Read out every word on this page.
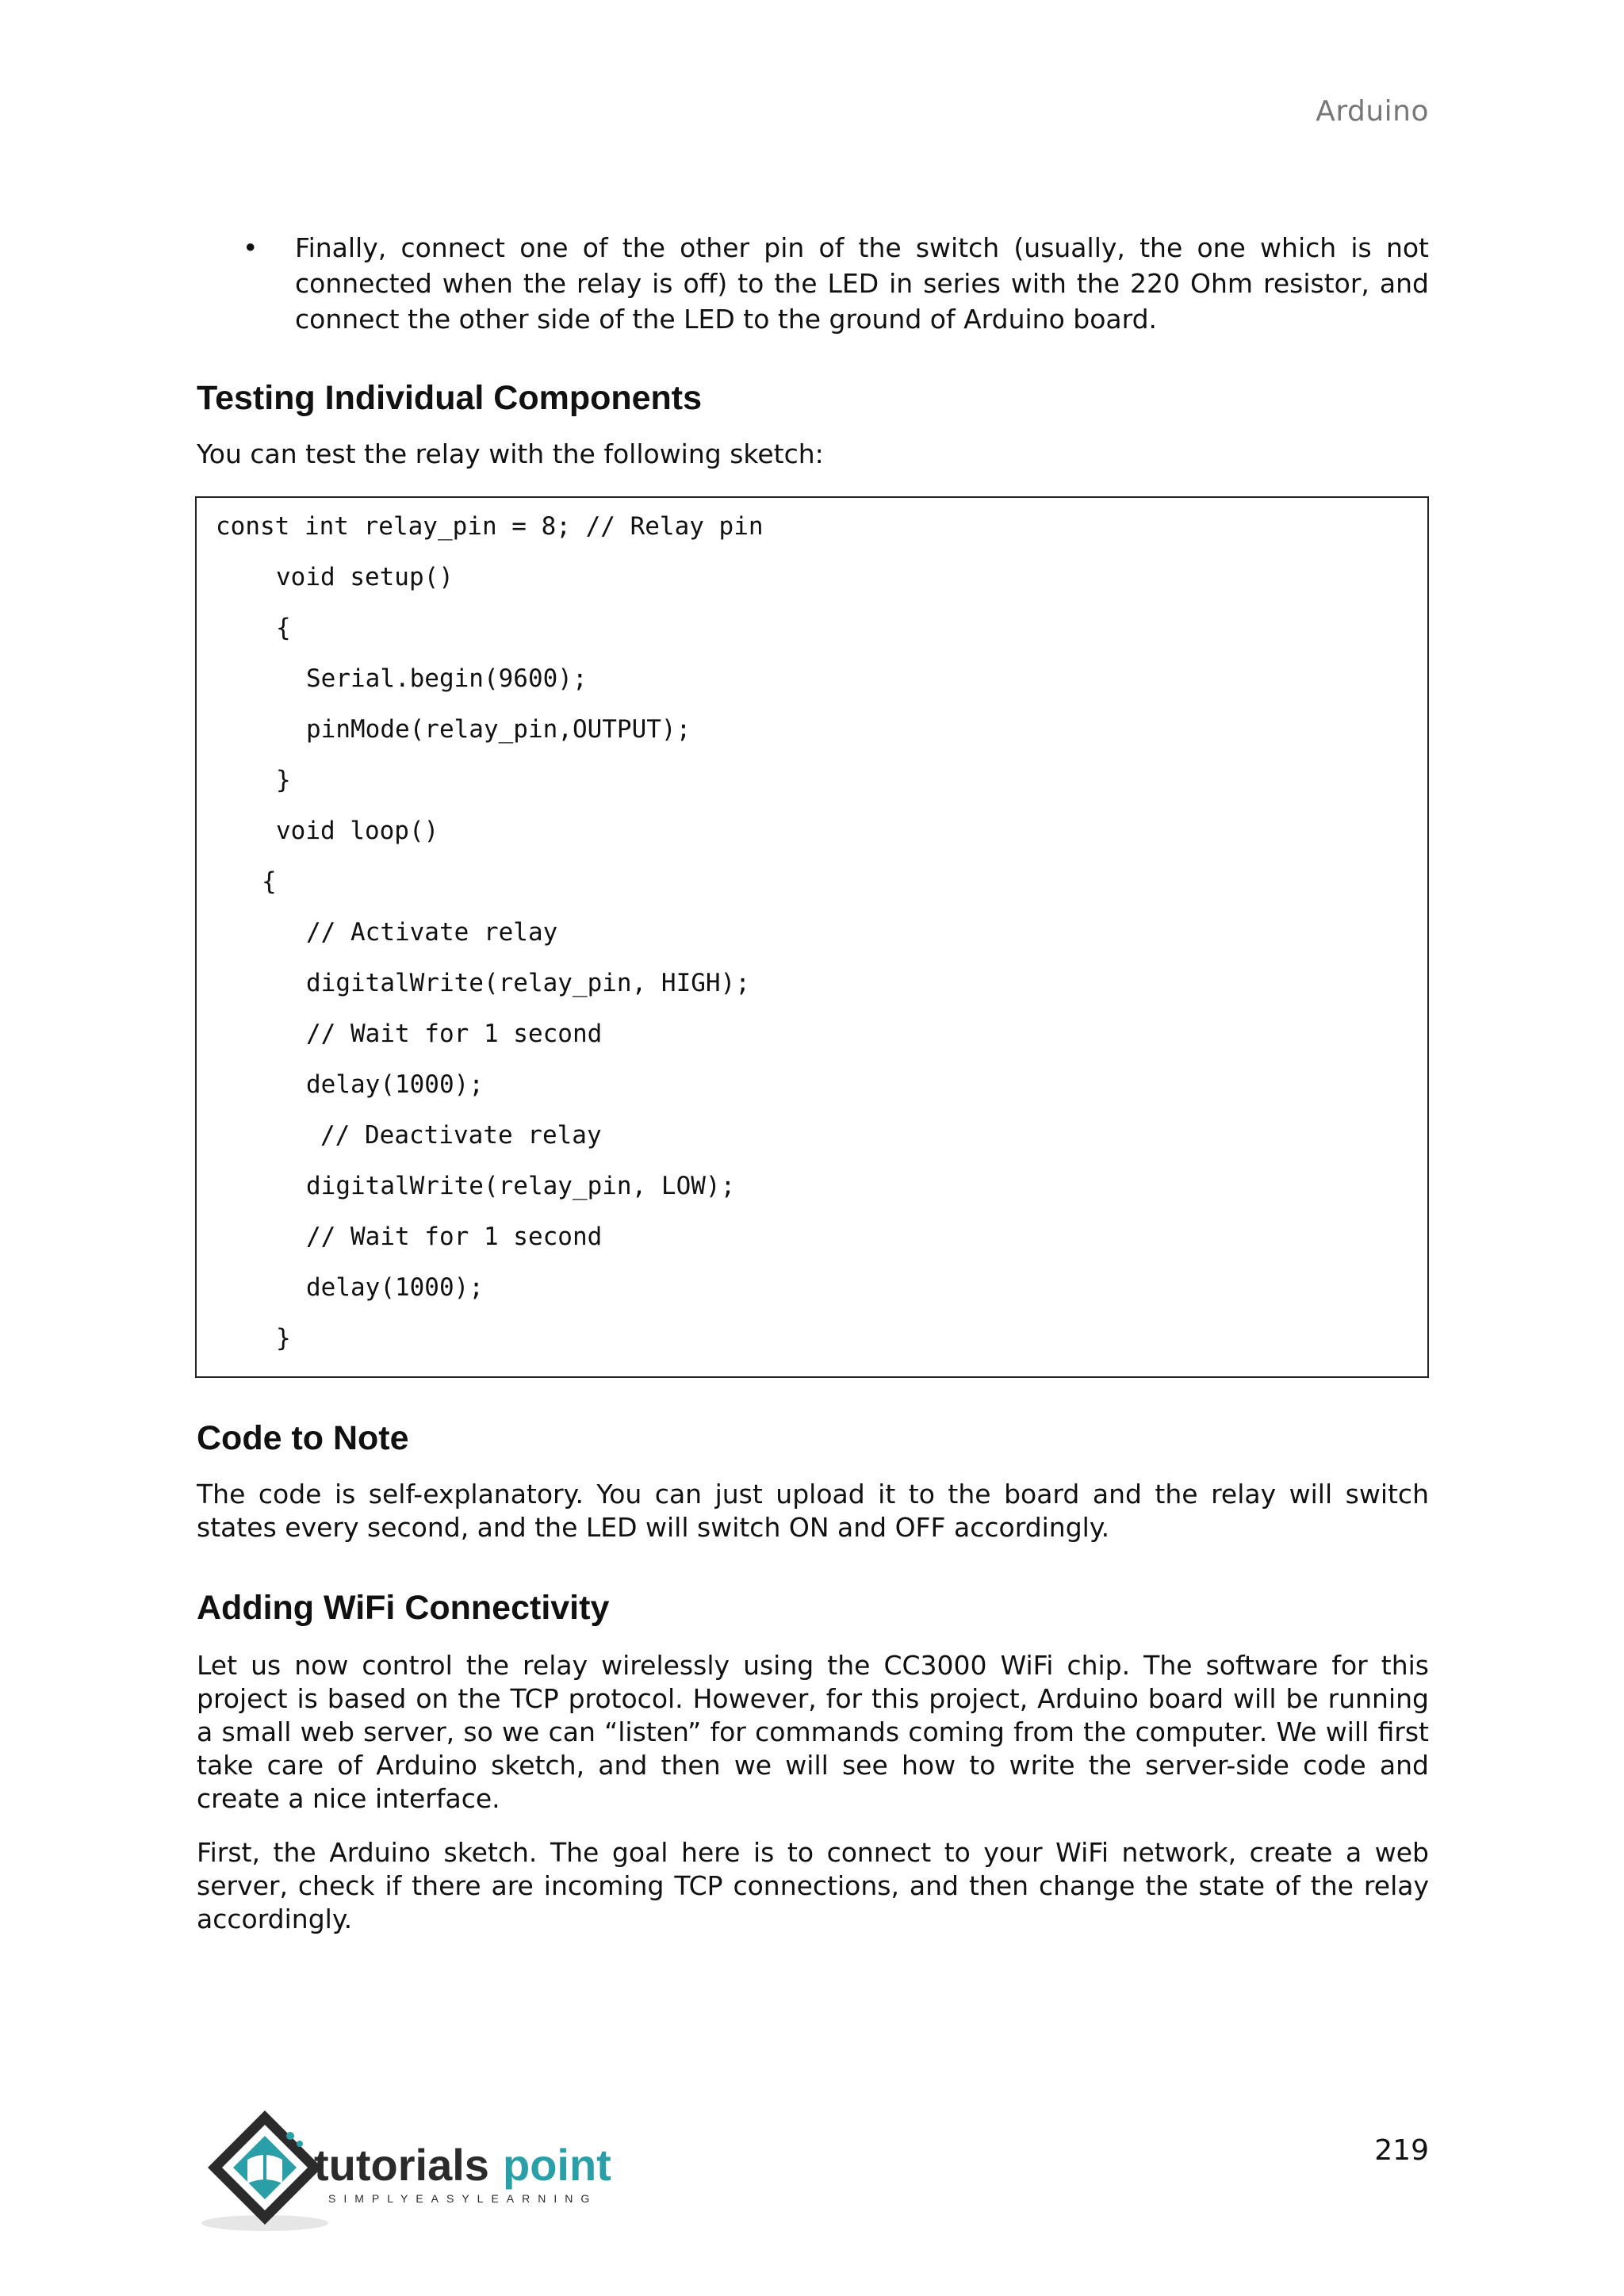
Arduino
• Finally, connect one of the other pin of the switch (usually, the one which is not connected when the relay is off) to the LED in series with the 220 Ohm resistor, and connect the other side of the LED to the ground of Arduino board.
Testing Individual Components
You can test the relay with the following sketch:
const int relay_pin = 8; // Relay pin
void setup()
{
Serial.begin(9600);
pinMode(relay_pin,OUTPUT);
}
void loop()
{
// Activate relay
digitalWrite(relay_pin, HIGH);
// Wait for 1 second
delay(1000);
// Deactivate relay
digitalWrite(relay_pin, LOW);
// Wait for 1 second
delay(1000);
}
Code to Note
The code is self-explanatory. You can just upload it to the board and the relay will switch states every second, and the LED will switch ON and OFF accordingly.
Adding WiFi Connectivity
Let us now control the relay wirelessly using the CC3000 WiFi chip. The software for this project is based on the TCP protocol. However, for this project, Arduino board will be running a small web server, so we can “listen” for commands coming from the computer. We will first take care of Arduino sketch, and then we will see how to write the server-side code and create a nice interface.
First, the Arduino sketch. The goal here is to connect to your WiFi network, create a web server, check if there are incoming TCP connections, and then change the state of the relay accordingly.
tutorials point
SIMPLYEASYLEARNING
219
